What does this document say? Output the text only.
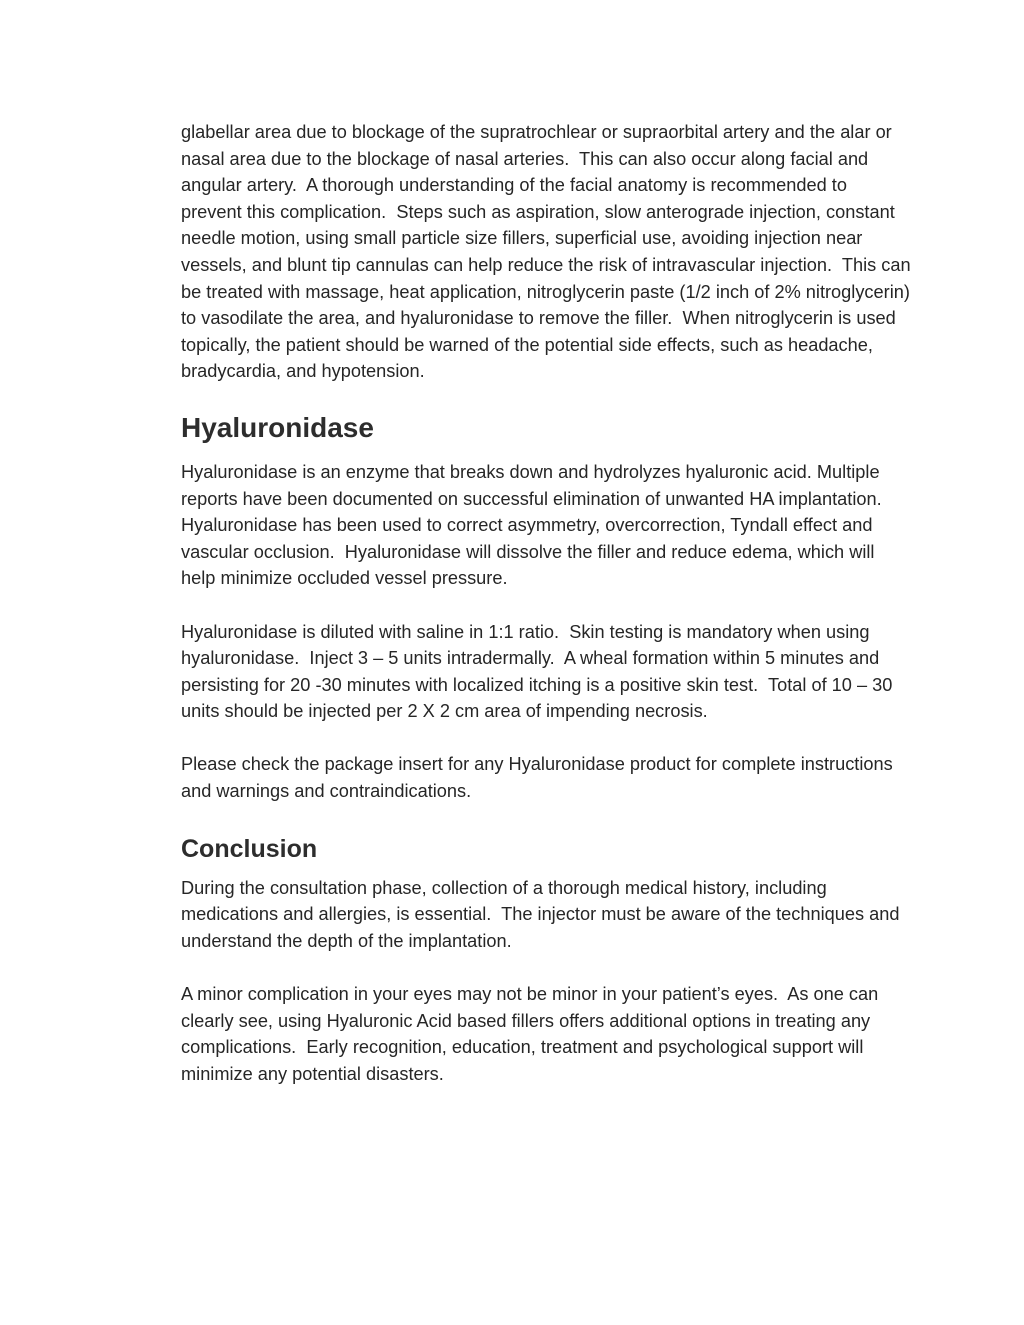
glabellar area due to blockage of the supratrochlear or supraorbital artery and the alar or nasal area due to the blockage of nasal arteries.  This can also occur along facial and angular artery.  A thorough understanding of the facial anatomy is recommended to prevent this complication.  Steps such as aspiration, slow anterograde injection, constant needle motion, using small particle size fillers, superficial use, avoiding injection near vessels, and blunt tip cannulas can help reduce the risk of intravascular injection.  This can be treated with massage, heat application, nitroglycerin paste (1/2 inch of 2% nitroglycerin) to vasodilate the area, and hyaluronidase to remove the filler.  When nitroglycerin is used topically, the patient should be warned of the potential side effects, such as headache, bradycardia, and hypotension.

Hyaluronidase

Hyaluronidase is an enzyme that breaks down and hydrolyzes hyaluronic acid. Multiple reports have been documented on successful elimination of unwanted HA implantation.  Hyaluronidase has been used to correct asymmetry, overcorrection, Tyndall effect and vascular occlusion.  Hyaluronidase will dissolve the filler and reduce edema, which will help minimize occluded vessel pressure.

Hyaluronidase is diluted with saline in 1:1 ratio.  Skin testing is mandatory when using hyaluronidase.  Inject 3 – 5 units intradermally.  A wheal formation within 5 minutes and persisting for 20 -30 minutes with localized itching is a positive skin test.  Total of 10 – 30 units should be injected per 2 X 2 cm area of impending necrosis.

Please check the package insert for any Hyaluronidase product for complete instructions and warnings and contraindications.

Conclusion

During the consultation phase, collection of a thorough medical history, including medications and allergies, is essential.  The injector must be aware of the techniques and understand the depth of the implantation.

A minor complication in your eyes may not be minor in your patient’s eyes.  As one can clearly see, using Hyaluronic Acid based fillers offers additional options in treating any complications.  Early recognition, education, treatment and psychological support will minimize any potential disasters.
